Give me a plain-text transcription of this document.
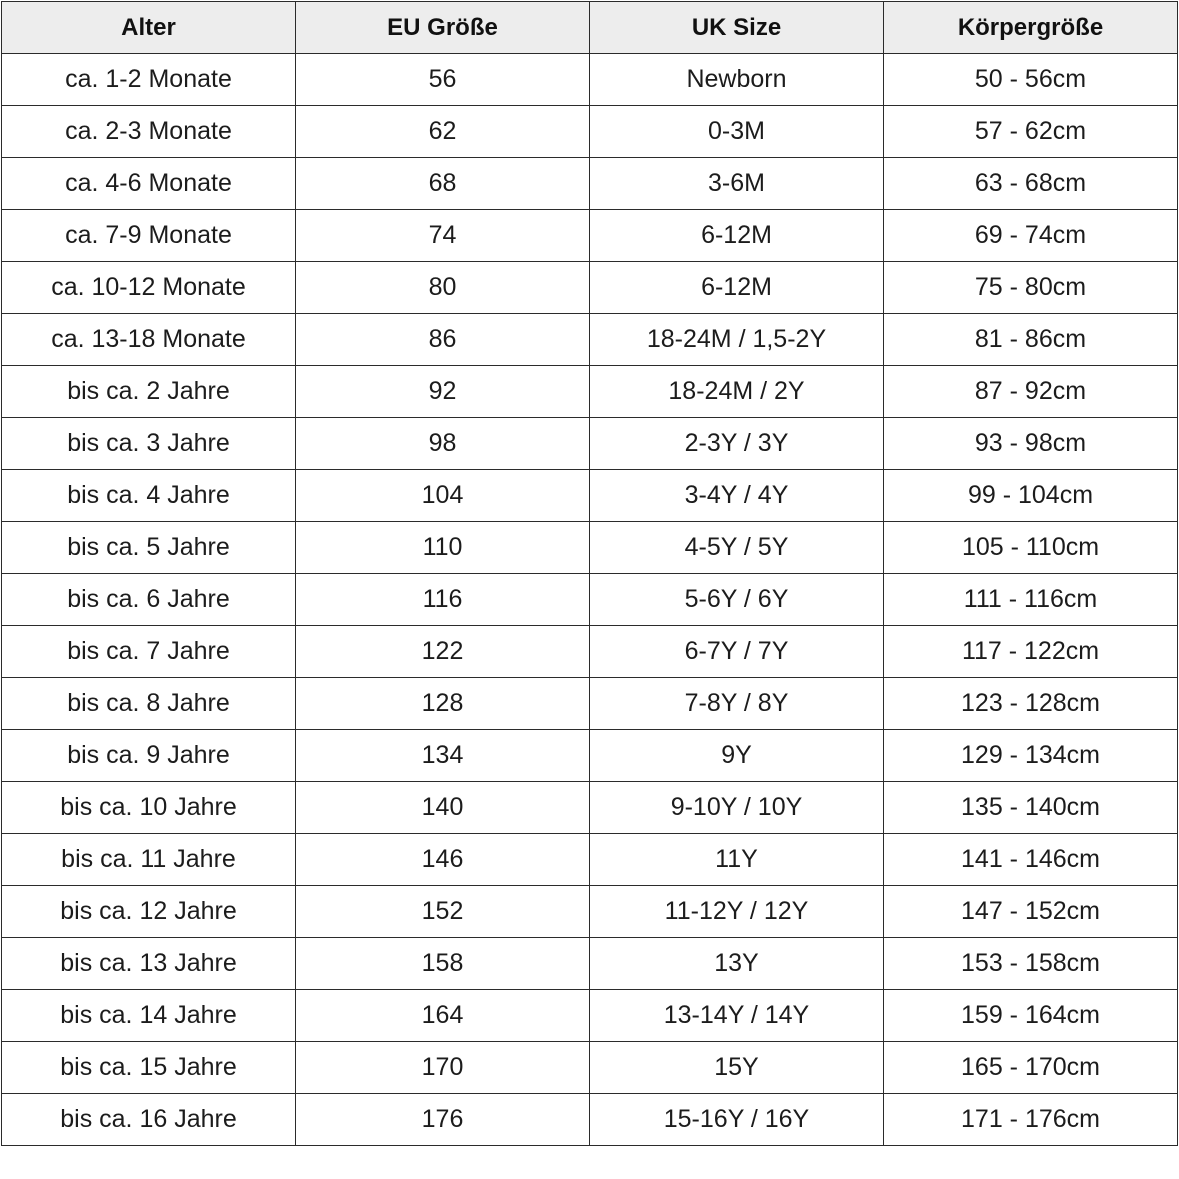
Alter	EU Größe	UK Size	Körpergröße
ca. 1-2 Monate	56	Newborn	50 - 56cm
ca. 2-3 Monate	62	0-3M	57 - 62cm
ca. 4-6 Monate	68	3-6M	63 - 68cm
ca. 7-9 Monate	74	6-12M	69 - 74cm
ca. 10-12 Monate	80	6-12M	75 - 80cm
ca. 13-18 Monate	86	18-24M / 1,5-2Y	81 - 86cm
bis ca. 2 Jahre	92	18-24M / 2Y	87 - 92cm
bis ca. 3 Jahre	98	2-3Y / 3Y	93 - 98cm
bis ca. 4 Jahre	104	3-4Y / 4Y	99 - 104cm
bis ca. 5 Jahre	110	4-5Y / 5Y	105 - 110cm
bis ca. 6 Jahre	116	5-6Y / 6Y	111 - 116cm
bis ca. 7 Jahre	122	6-7Y / 7Y	117 - 122cm
bis ca. 8 Jahre	128	7-8Y / 8Y	123 - 128cm
bis ca. 9 Jahre	134	9Y	129 - 134cm
bis ca. 10 Jahre	140	9-10Y / 10Y	135 - 140cm
bis ca. 11 Jahre	146	11Y	141 - 146cm
bis ca. 12 Jahre	152	11-12Y / 12Y	147 - 152cm
bis ca. 13 Jahre	158	13Y	153 - 158cm
bis ca. 14 Jahre	164	13-14Y / 14Y	159 - 164cm
bis ca. 15 Jahre	170	15Y	165 - 170cm
bis ca. 16 Jahre	176	15-16Y / 16Y	171 - 176cm
